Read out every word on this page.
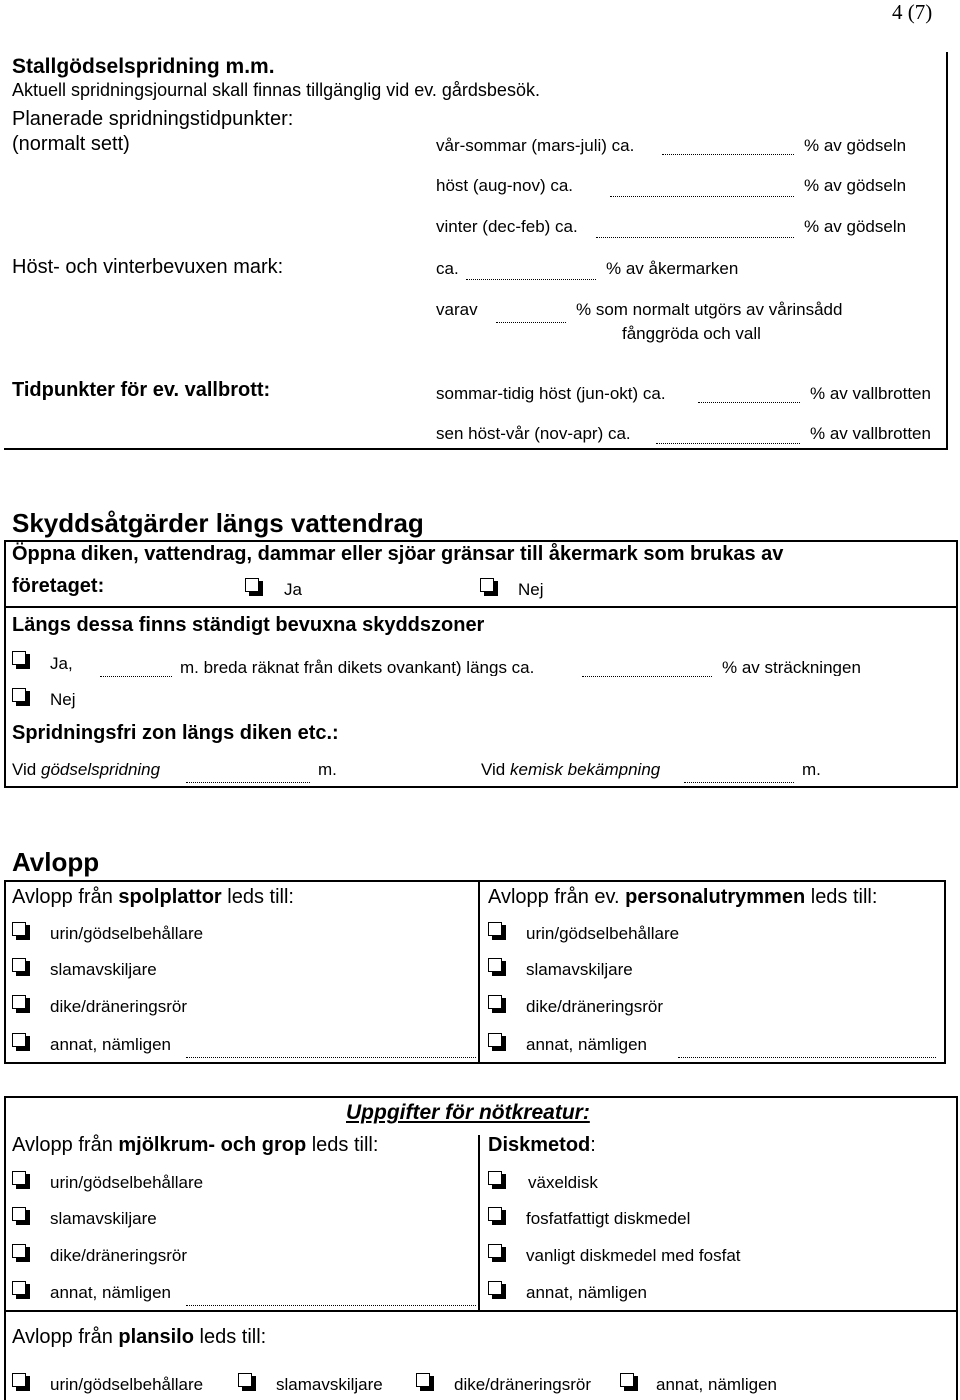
4 (7)
Stallgödselspridning m.m.
Aktuell spridningsjournal skall finnas tillgänglig vid ev. gårdsbesök.
Planerade spridningstidpunkter:
(normalt sett)	vår-sommar (mars-juli) ca.	% av gödseln
höst (aug-nov) ca.	% av gödseln
vinter (dec-feb) ca.	% av gödseln
Höst- och vinterbevuxen mark:	ca.	% av åkermarken
varav	% som normalt utgörs av vårinsådd
fånggröda och vall
Tidpunkter för ev. vallbrott:	sommar-tidig höst (jun-okt) ca.	% av vallbrotten
sen höst-vår (nov-apr) ca.	% av vallbrotten
Skyddsåtgärder längs vattendrag
Öppna diken, vattendrag, dammar eller sjöar gränsar till åkermark som brukas av
företaget:	Ja	Nej
Längs dessa finns ständigt bevuxna skyddszoner
Ja,	m. breda räknat från dikets ovankant) längs ca.	% av sträckningen
Nej
Spridningsfri zon längs diken etc.:
Vid gödselspridning	m.	Vid kemisk bekämpning	m.
Avlopp
Avlopp från spolplattor leds till:	Avlopp från ev. personalutrymmen leds till:
urin/gödselbehållare
slamavskiljare
dike/dräneringsrör
annat, nämligen
urin/gödselbehållare
slamavskiljare
dike/dräneringsrör
annat, nämligen
Uppgifter för nötkreatur:
Avlopp från mjölkrum- och grop leds till:	Diskmetod:
urin/gödselbehållare
slamavskiljare
dike/dräneringsrör
annat, nämligen
växeldisk
fosfatfattigt diskmedel
vanligt diskmedel med fosfat
annat, nämligen
Avlopp från plansilo leds till:
urin/gödselbehållare	slamavskiljare	dike/dräneringsrör	annat, nämligen
